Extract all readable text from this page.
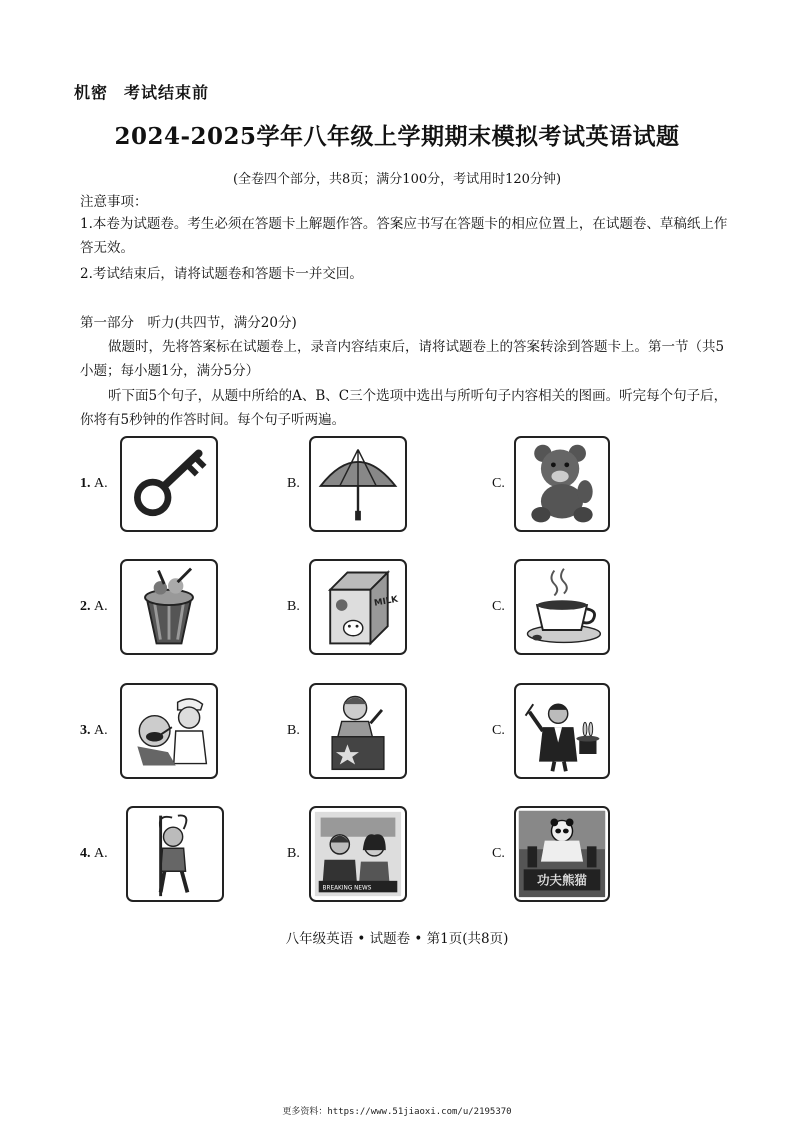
机密 考试结束前
2024-2025学年八年级上学期期末模拟考试英语试题
(全卷四个部分，共8页；满分100分，考试用时120分钟)
注意事项：
1.本卷为试题卷。考生必须在答题卡上解题作答。答案应书写在答题卡的相应位置上，在试题卷、草稿纸上作答无效。
2.考试结束后，请将试题卷和答题卡一并交回。
第一部分　听力(共四节，满分20分)
做题时，先将答案标在试题卷上，录音内容结束后，请将试题卷上的答案转涂到答题卡上。第一节（共5 小题；每小题1分，满分5分）
听下面5个句子，从题中所给的A、B、C三个选项中选出与所听句子内容相关的图画。听完每个句子后，你将有5秒钟的作答时间。每个句子听两遍。
1. A.	B.	C.
2. A.	B.	MILK	C.
3. A.	B.	C.
4. A.	B.
BREAKING NEWS
C.
功夫熊猫
八年级英语 • 试题卷 • 第1页(共8页)
更多资料：https://www.51jiaoxi.com/u/2195370
